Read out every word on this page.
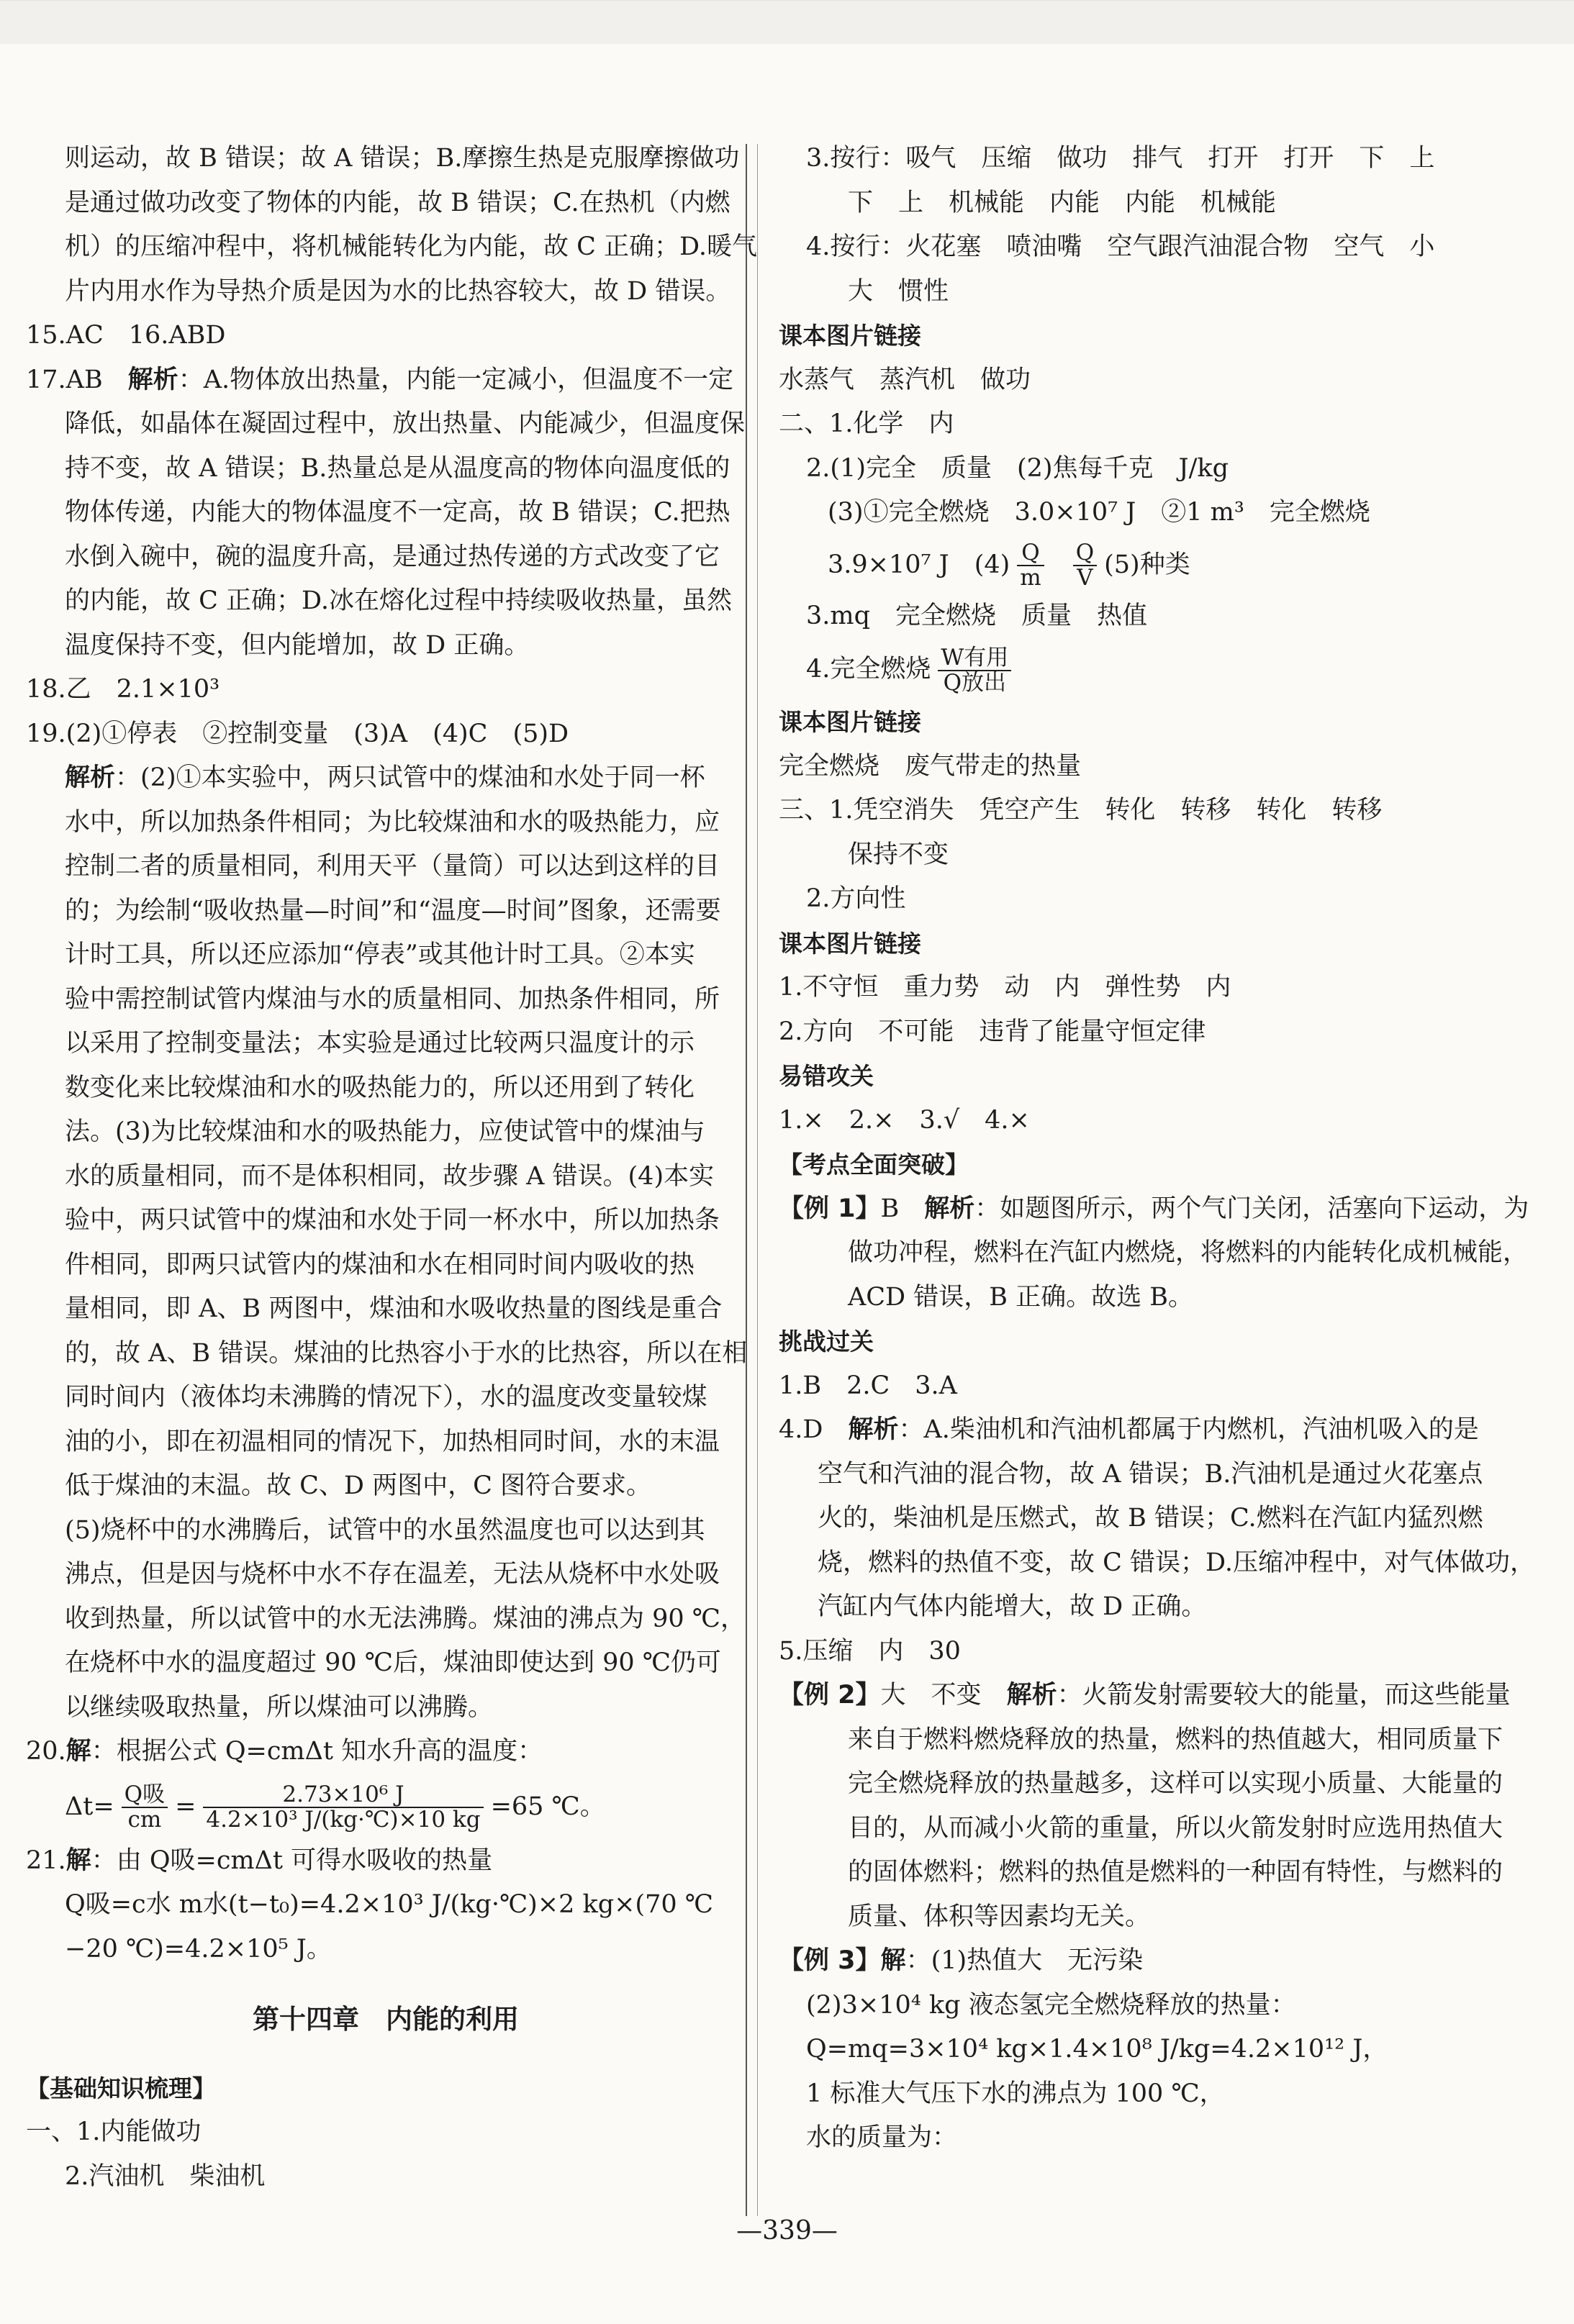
则运动，故 B 错误；故 A 错误；B.摩擦生热是克服摩擦做功

是通过做功改变了物体的内能，故 B 错误；C.在热机（内燃

机）的压缩冲程中，将机械能转化为内能，故 C 正确；D.暖气

片内用水作为导热介质是因为水的比热容较大，故 D 错误。

15.AC　16.ABD

17.AB　解析：A.物体放出热量，内能一定减小，但温度不一定

降低，如晶体在凝固过程中，放出热量、内能减少，但温度保

持不变，故 A 错误；B.热量总是从温度高的物体向温度低的

物体传递，内能大的物体温度不一定高，故 B 错误；C.把热

水倒入碗中，碗的温度升高，是通过热传递的方式改变了它

的内能，故 C 正确；D.冰在熔化过程中持续吸收热量，虽然

温度保持不变，但内能增加，故 D 正确。

18.乙　2.1×10³

19.(2)①停表　②控制变量　(3)A　(4)C　(5)D

解析：(2)①本实验中，两只试管中的煤油和水处于同一杯

水中，所以加热条件相同；为比较煤油和水的吸热能力，应

控制二者的质量相同，利用天平（量筒）可以达到这样的目

的；为绘制“吸收热量—时间”和“温度—时间”图象，还需要

计时工具，所以还应添加“停表”或其他计时工具。②本实

验中需控制试管内煤油与水的质量相同、加热条件相同，所

以采用了控制变量法；本实验是通过比较两只温度计的示

数变化来比较煤油和水的吸热能力的，所以还用到了转化

法。(3)为比较煤油和水的吸热能力，应使试管中的煤油与

水的质量相同，而不是体积相同，故步骤 A 错误。(4)本实

验中，两只试管中的煤油和水处于同一杯水中，所以加热条

件相同，即两只试管内的煤油和水在相同时间内吸收的热

量相同，即 A、B 两图中，煤油和水吸收热量的图线是重合

的，故 A、B 错误。煤油的比热容小于水的比热容，所以在相

同时间内（液体均未沸腾的情况下），水的温度改变量较煤

油的小，即在初温相同的情况下，加热相同时间，水的末温

低于煤油的末温。故 C、D 两图中，C 图符合要求。

(5)烧杯中的水沸腾后，试管中的水虽然温度也可以达到其

沸点，但是因与烧杯中水不存在温差，无法从烧杯中水处吸

收到热量，所以试管中的水无法沸腾。煤油的沸点为 90 ℃，

在烧杯中水的温度超过 90 ℃后，煤油即使达到 90 ℃仍可

以继续吸取热量，所以煤油可以沸腾。

20.解：根据公式 Q=cmΔt 知水升高的温度：

$\Delta t= \frac{\text{Q吸}}{cm} = \frac{\text{2.73×10⁶ J}}{\text{4.2×10³ J/(kg·℃)×10 kg}} =65$ ℃。

21.解：由 Q吸=cmΔt 可得水吸收的热量

Q吸=c水 m水(t−t₀)=4.2×10³ J/(kg·℃)×2 kg×(70 ℃

−20 ℃)=4.2×10⁵ J。

第十四章　内能的利用

【基础知识梳理】

一、1.内能做功

2.汽油机　柴油机

3.按行：吸气　压缩　做功　排气　打开　打开　下　上

下　上　机械能　内能　内能　机械能

4.按行：火花塞　喷油嘴　空气跟汽油混合物　空气　小

大　惯性

课本图片链接

水蒸气　蒸汽机　做功

二、1.化学　内

2.(1)完全　质量　(2)焦每千克　J/kg

(3)①完全燃烧　3.0×10⁷ J　②1 m³　完全燃烧

3.9×10⁷ J　$(4) \frac{Q}{m} \frac{Q}{V} (5)$种类

3.mq　完全燃烧　质量　热值

4.完全燃烧 $\frac{\text{W有用}}{\text{Q放出}}$

课本图片链接

完全燃烧　废气带走的热量

三、1.凭空消失　凭空产生　转化　转移　转化　转移

保持不变

2.方向性

课本图片链接

1.不守恒　重力势　动　内　弹性势　内

2.方向　不可能　违背了能量守恒定律

易错攻关

1.×　2.×　3.√　4.×

【考点全面突破】

【例 1】B　解析：如题图所示，两个气门关闭，活塞向下运动，为

做功冲程，燃料在汽缸内燃烧，将燃料的内能转化成机械能，

ACD 错误，B 正确。故选 B。

挑战过关

1.B　2.C　3.A

4.D　解析：A.柴油机和汽油机都属于内燃机，汽油机吸入的是

空气和汽油的混合物，故 A 错误；B.汽油机是通过火花塞点

火的，柴油机是压燃式，故 B 错误；C.燃料在汽缸内猛烈燃

烧，燃料的热值不变，故 C 错误；D.压缩冲程中，对气体做功，

汽缸内气体内能增大，故 D 正确。

5.压缩　内　30

【例 2】大　不变　解析：火箭发射需要较大的能量，而这些能量

来自于燃料燃烧释放的热量，燃料的热值越大，相同质量下

完全燃烧释放的热量越多，这样可以实现小质量、大能量的

目的，从而减小火箭的重量，所以火箭发射时应选用热值大

的固体燃料；燃料的热值是燃料的一种固有特性，与燃料的

质量、体积等因素均无关。

【例 3】解：(1)热值大　无污染

(2)3×10⁴ kg 液态氢完全燃烧释放的热量：

Q=mq=3×10⁴ kg×1.4×10⁸ J/kg=4.2×10¹² J，

1 标准大气压下水的沸点为 100 ℃，

水的质量为：

—339—
